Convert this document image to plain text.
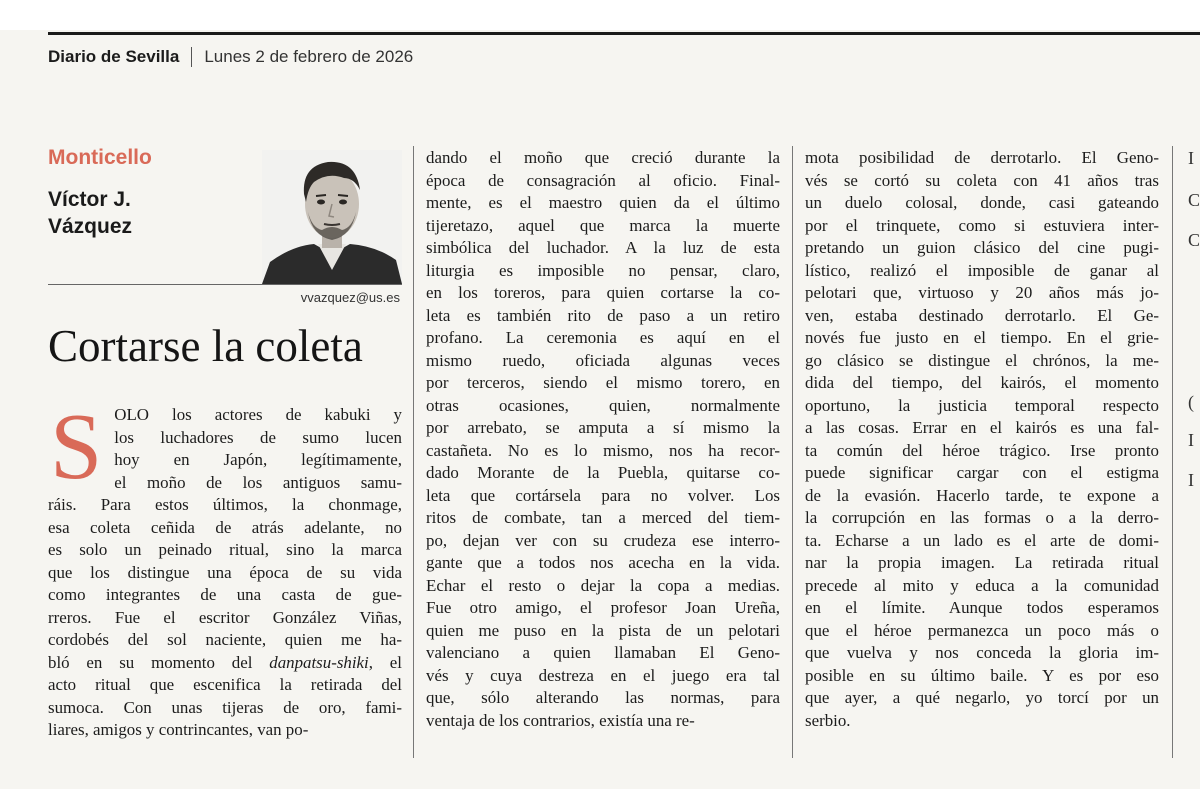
Diario de Sevilla Lunes 2 de febrero de 2026
Monticello
Víctor J.
Vázquez
vvazquez@us.es
Cortarse la coleta
S OLO los actores de kabuki y
los luchadores de sumo lucen
hoy en Japón, legítimamente,
el moño de los antiguos samu-
ráis. Para estos últimos, la chonmage,
esa coleta ceñida de atrás adelante, no
es solo un peinado ritual, sino la marca
que los distingue una época de su vida
como integrantes de una casta de gue-
rreros. Fue el escritor González Viñas,
cordobés del sol naciente, quien me ha-
bló en su momento del danpatsu-shiki, el
acto ritual que escenifica la retirada del
sumoca. Con unas tijeras de oro, fami-
liares, amigos y contrincantes, van po-
dando el moño que creció durante la
época de consagración al oficio. Final-
mente, es el maestro quien da el último
tijeretazo, aquel que marca la muerte
simbólica del luchador. A la luz de esta
liturgia es imposible no pensar, claro,
en los toreros, para quien cortarse la co-
leta es también rito de paso a un retiro
profano. La ceremonia es aquí en el
mismo ruedo, oficiada algunas veces
por terceros, siendo el mismo torero, en
otras ocasiones, quien, normalmente
por arrebato, se amputa a sí mismo la
castañeta. No es lo mismo, nos ha recor-
dado Morante de la Puebla, quitarse co-
leta que cortársela para no volver. Los
ritos de combate, tan a merced del tiem-
po, dejan ver con su crudeza ese interro-
gante que a todos nos acecha en la vida.
Echar el resto o dejar la copa a medias.
Fue otro amigo, el profesor Joan Ureña,
quien me puso en la pista de un pelotari
valenciano a quien llamaban El Geno-
vés y cuya destreza en el juego era tal
que, sólo alterando las normas, para
ventaja de los contrarios, existía una re-
mota posibilidad de derrotarlo. El Geno-
vés se cortó su coleta con 41 años tras
un duelo colosal, donde, casi gateando
por el trinquete, como si estuviera inter-
pretando un guion clásico del cine pugi-
lístico, realizó el imposible de ganar al
pelotari que, virtuoso y 20 años más jo-
ven, estaba destinado derrotarlo. El Ge-
novés fue justo en el tiempo. En el grie-
go clásico se distingue el chrónos, la me-
dida del tiempo, del kairós, el momento
oportuno, la justicia temporal respecto
a las cosas. Errar en el kairós es una fal-
ta común del héroe trágico. Irse pronto
puede significar cargar con el estigma
de la evasión. Hacerlo tarde, te expone a
la corrupción en las formas o a la derro-
ta. Echarse a un lado es el arte de domi-
nar la propia imagen. La retirada ritual
precede al mito y educa a la comunidad
en el límite. Aunque todos esperamos
que el héroe permanezca un poco más o
que vuelva y nos conceda la gloria im-
posible en su último baile. Y es por eso
que ayer, a qué negarlo, yo torcí por un
serbio.
I
C
C
(
I
I
